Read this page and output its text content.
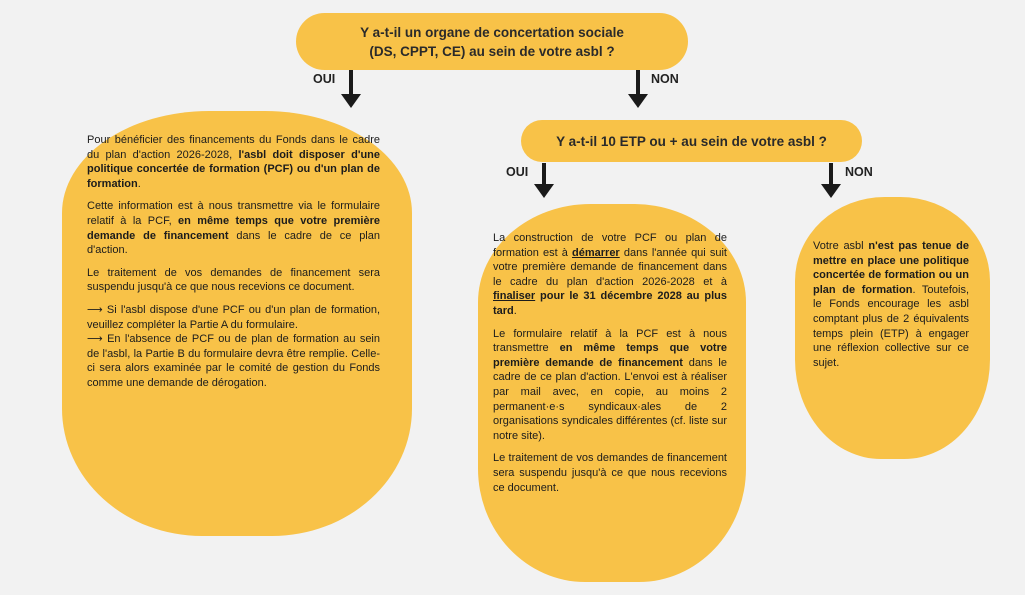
Y a-t-il un organe de concertation sociale
(DS, CPPT, CE) au sein de votre asbl ?
OUI	NON
Y a-t-il 10 ETP ou + au sein de votre asbl ?
OUI	NON

Pour bénéficier des financements du Fonds dans le cadre du plan d'action 2026-2028, l'asbl doit disposer d'une politique concertée de formation (PCF) ou d'un plan de formation.

Cette information est à nous transmettre via le formulaire relatif à la PCF, en même temps que votre première demande de financement dans le cadre de ce plan d'action.

Le traitement de vos demandes de financement sera suspendu jusqu'à ce que nous recevions ce document.

⟶ Si l'asbl dispose d'une PCF ou d'un plan de formation, veuillez compléter la Partie A du formulaire.

⟶ En l'absence de PCF ou de plan de formation au sein de l'asbl, la Partie B du formulaire devra être remplie. Celle-ci sera alors examinée par le comité de gestion du Fonds comme une demande de dérogation.

La construction de votre PCF ou plan de formation est à démarrer dans l'année qui suit votre première demande de financement dans le cadre du plan d'action 2026-2028 et à finaliser pour le 31 décembre 2028 au plus tard.

Le formulaire relatif à la PCF est à nous transmettre en même temps que votre première demande de financement dans le cadre de ce plan d'action. L'envoi est à réaliser par mail avec, en copie, au moins 2 permanent·e·s syndicaux·ales de 2 organisations syndicales différentes (cf. liste sur notre site).

Le traitement de vos demandes de financement sera suspendu jusqu'à ce que nous recevions ce document.

Votre asbl n'est pas tenue de mettre en place une politique concertée de formation ou un plan de formation. Toutefois, le Fonds encourage les asbl comptant plus de 2 équivalents temps plein (ETP) à engager une réflexion collective sur ce sujet.
